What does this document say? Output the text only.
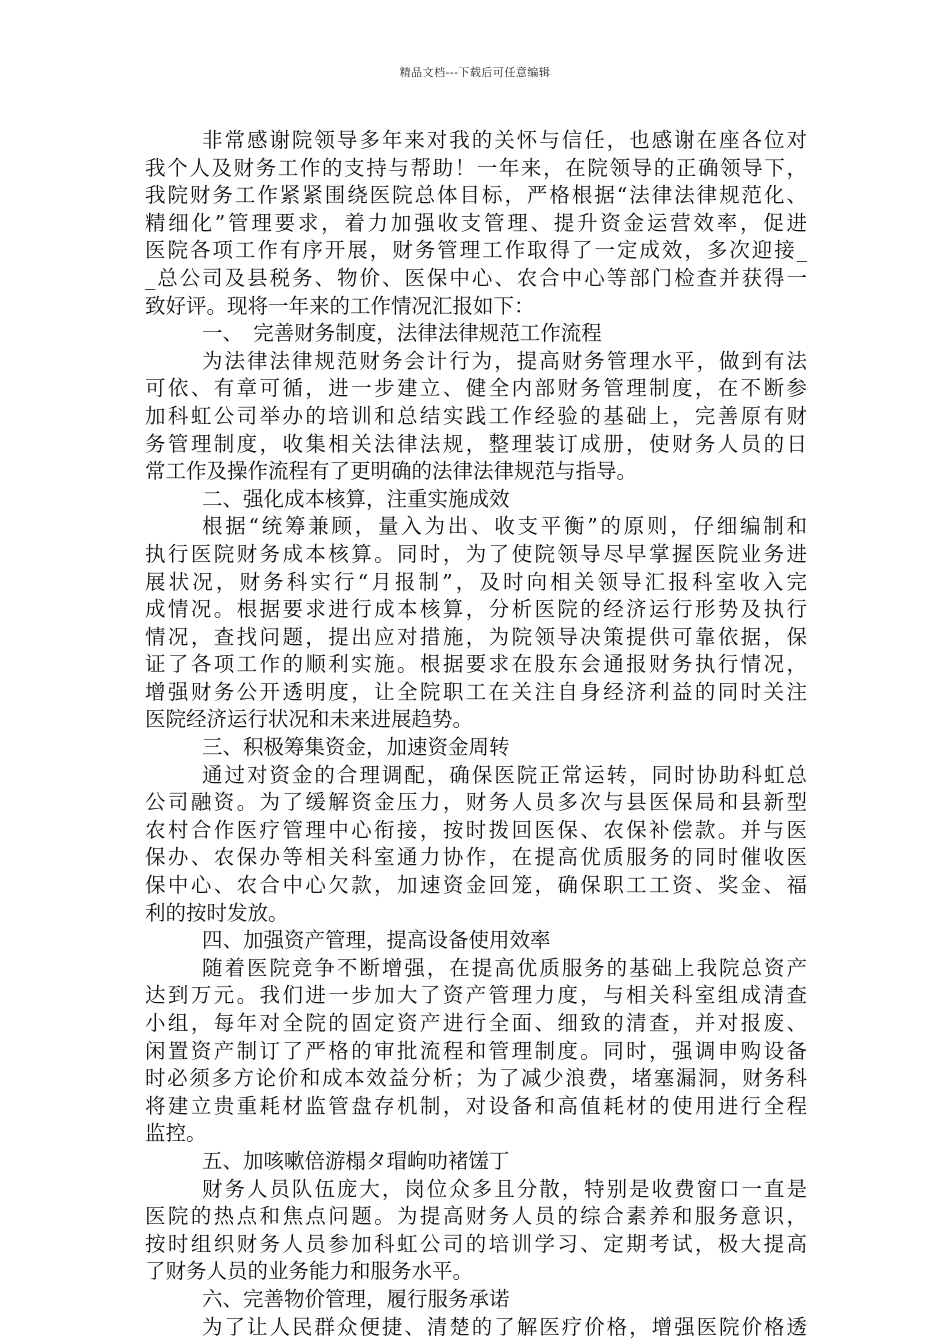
精品文档---下载后可任意编辑
非常感谢院领导多年来对我的关怀与信任，也感谢在座各位对
我个人及财务工作的支持与帮助！一年来，在院领导的正确领导下，
我院财务工作紧紧围绕医院总体目标，严格根据“法律法律规范化、
精细化”管理要求，着力加强收支管理、提升资金运营效率，促进
医院各项工作有序开展，财务管理工作取得了一定成效，多次迎接_
_总公司及县税务、物价、医保中心、农合中心等部门检查并获得一
致好评。现将一年来的工作情况汇报如下：
一、　完善财务制度，法律法律规范工作流程
为法律法律规范财务会计行为，提高财务管理水平，做到有法
可依、有章可循，进一步建立、健全内部财务管理制度，在不断参
加科虹公司举办的培训和总结实践工作经验的基础上，完善原有财
务管理制度，收集相关法律法规，整理装订成册，使财务人员的日
常工作及操作流程有了更明确的法律法律规范与指导。
二、强化成本核算，注重实施成效
根据“统筹兼顾，量入为出、收支平衡”的原则，仔细编制和
执行医院财务成本核算。同时，为了使院领导尽早掌握医院业务进
展状况，财务科实行“月报制”，及时向相关领导汇报科室收入完
成情况。根据要求进行成本核算，分析医院的经济运行形势及执行
情况，查找问题，提出应对措施，为院领导决策提供可靠依据，保
证了各项工作的顺利实施。根据要求在股东会通报财务执行情况，
增强财务公开透明度，让全院职工在关注自身经济利益的同时关注
医院经济运行状况和未来进展趋势。
三、积极筹集资金，加速资金周转
通过对资金的合理调配，确保医院正常运转，同时协助科虹总
公司融资。为了缓解资金压力，财务人员多次与县医保局和县新型
农村合作医疗管理中心衔接，按时拨回医保、农保补偿款。并与医
保办、农保办等相关科室通力协作，在提高优质服务的同时催收医
保中心、农合中心欠款，加速资金回笼，确保职工工资、奖金、福
利的按时发放。
四、加强资产管理，提高设备使用效率
随着医院竞争不断增强，在提高优质服务的基础上我院总资产
达到万元。我们进一步加大了资产管理力度，与相关科室组成清查
小组，每年对全院的固定资产进行全面、细致的清查，并对报废、
闲置资产制订了严格的审批流程和管理制度。同时，强调申购设备
时必须多方论价和成本效益分析；为了减少浪费，堵塞漏洞，财务科
将建立贵重耗材监管盘存机制，对设备和高值耗材的使用进行全程
监控。
五、加咳嗽倍游榻タ瑁岣叻褚馐丁
财务人员队伍庞大，岗位众多且分散，特别是收费窗口一直是
医院的热点和焦点问题。为提高财务人员的综合素养和服务意识，
按时组织财务人员参加科虹公司的培训学习、定期考试，极大提高
了财务人员的业务能力和服务水平。
六、完善物价管理，履行服务承诺
为了让人民群众便捷、清楚的了解医疗价格，增强医院价格透
